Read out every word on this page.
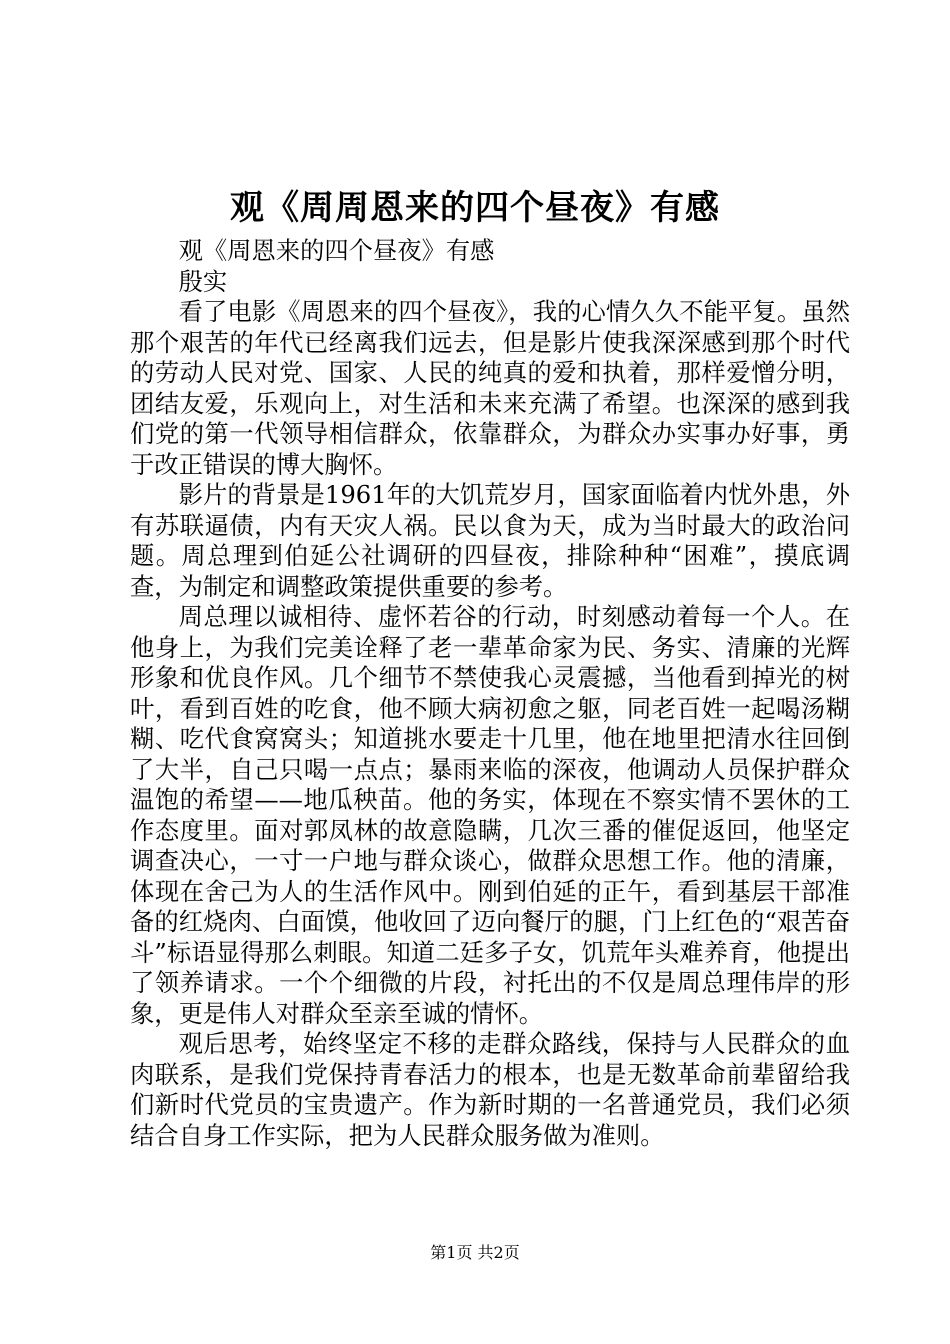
观《周周恩来的四个昼夜》有感

观《周恩来的四个昼夜》有感

殷实

看了电影《周恩来的四个昼夜》，我的心情久久不能平复。虽然那个艰苦的年代已经离我们远去，但是影片使我深深感到那个时代的劳动人民对党、国家、人民的纯真的爱和执着，那样爱憎分明，团结友爱，乐观向上，对生活和未来充满了希望。也深深的感到我们党的第一代领导相信群众，依靠群众，为群众办实事办好事，勇于改正错误的博大胸怀。

影片的背景是1961年的大饥荒岁月，国家面临着内忧外患，外有苏联逼债，内有天灾人祸。民以食为天，成为当时最大的政治问题。周总理到伯延公社调研的四昼夜，排除种种“困难”，摸底调查，为制定和调整政策提供重要的参考。

周总理以诚相待、虚怀若谷的行动，时刻感动着每一个人。在他身上，为我们完美诠释了老一辈革命家为民、务实、清廉的光辉形象和优良作风。几个细节不禁使我心灵震撼，当他看到掉光的树叶，看到百姓的吃食，他不顾大病初愈之躯，同老百姓一起喝汤糊糊、吃代食窝窝头；知道挑水要走十几里，他在地里把清水往回倒了大半，自己只喝一点点；暴雨来临的深夜，他调动人员保护群众温饱的希望——地瓜秧苗。他的务实，体现在不察实情不罢休的工作态度里。面对郭凤林的故意隐瞒，几次三番的催促返回，他坚定调查决心，一寸一户地与群众谈心，做群众思想工作。他的清廉，体现在舍己为人的生活作风中。刚到伯延的正午，看到基层干部准备的红烧肉、白面馍，他收回了迈向餐厅的腿，门上红色的“艰苦奋斗”标语显得那么刺眼。知道二廷多子女，饥荒年头难养育，他提出了领养请求。一个个细微的片段，衬托出的不仅是周总理伟岸的形象，更是伟人对群众至亲至诚的情怀。

观后思考，始终坚定不移的走群众路线，保持与人民群众的血肉联系，是我们党保持青春活力的根本，也是无数革命前辈留给我们新时代党员的宝贵遗产。作为新时期的一名普通党员，我们必须结合自身工作实际，把为人民群众服务做为准则。

第1页 共2页
